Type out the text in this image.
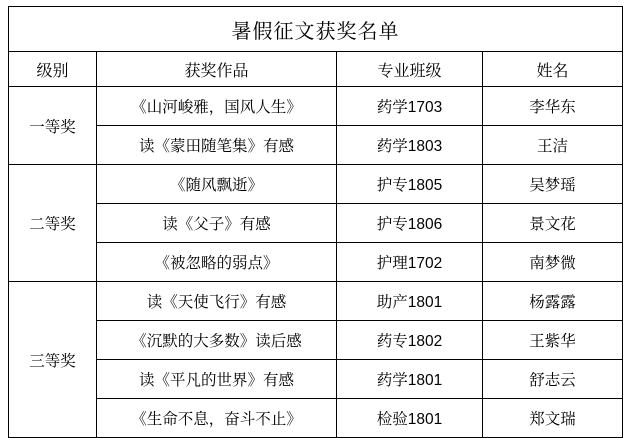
暑假征文获奖名单			
级别	获奖作品	专业班级	姓名
一等奖	《山河峻雅，国风人生》	药学1703	李华东
	读《蒙田随笔集》有感	药学1803	王洁
二等奖	《随风飘逝》	护专1805	吴梦瑶
	读《父子》有感	护专1806	景文花
	《被忽略的弱点》	护理1702	南梦微
三等奖	读《天使飞行》有感	助产1801	杨露露
	《沉默的大多数》读后感	药专1802	王紫华
	读《平凡的世界》有感	药学1801	舒志云
	《生命不息，奋斗不止》	检验1801	郑文瑞
